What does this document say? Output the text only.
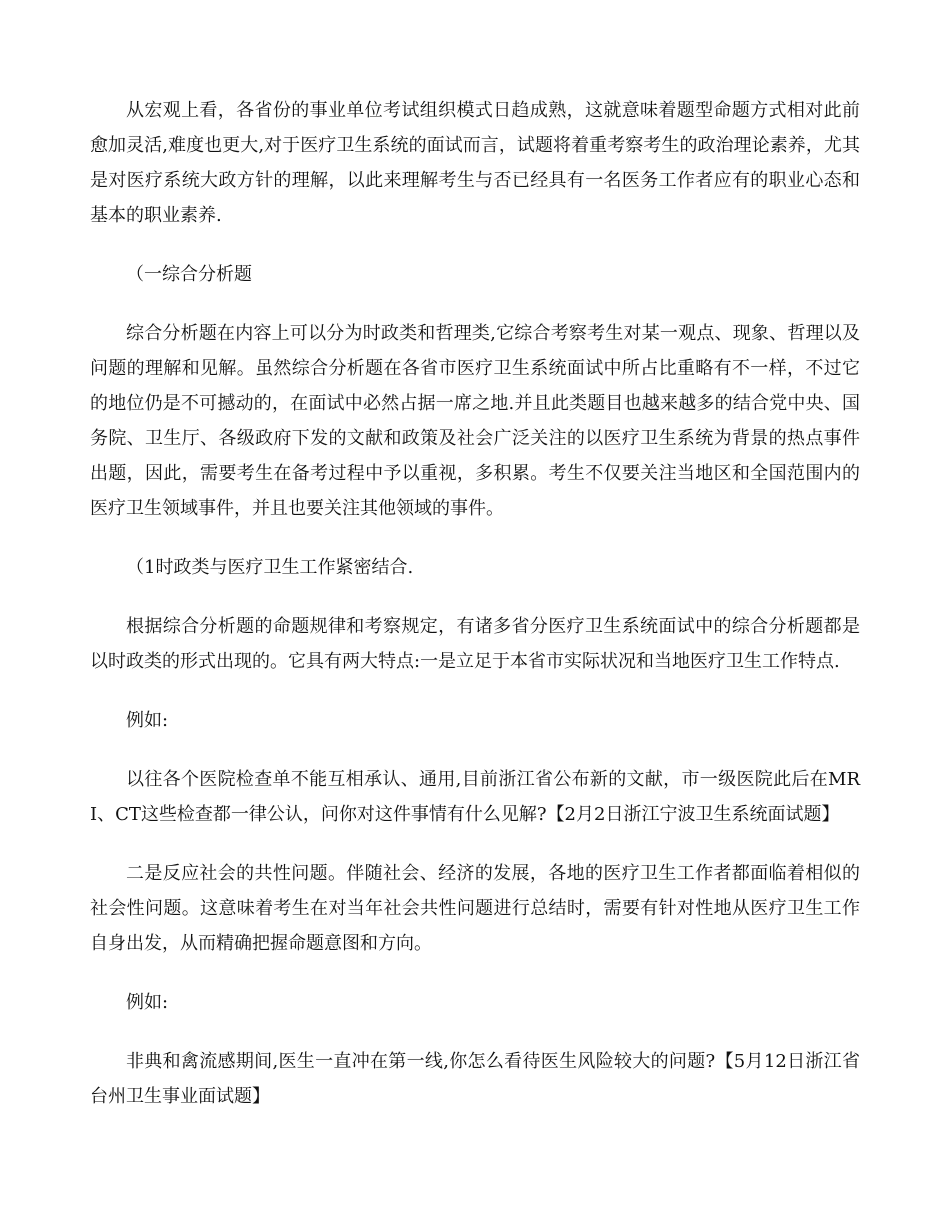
从宏观上看，各省份的事业单位考试组织模式日趋成熟，这就意味着题型命题方式相对此前愈加灵活,难度也更大,对于医疗卫生系统的面试而言，试题将着重考察考生的政治理论素养，尤其是对医疗系统大政方针的理解，以此来理解考生与否已经具有一名医务工作者应有的职业心态和基本的职业素养.

（一综合分析题

综合分析题在内容上可以分为时政类和哲理类,它综合考察考生对某一观点、现象、哲理以及问题的理解和见解。虽然综合分析题在各省市医疗卫生系统面试中所占比重略有不一样，不过它的地位仍是不可撼动的，在面试中必然占据一席之地.并且此类题目也越来越多的结合党中央、国务院、卫生厅、各级政府下发的文献和政策及社会广泛关注的以医疗卫生系统为背景的热点事件出题，因此，需要考生在备考过程中予以重视，多积累。考生不仅要关注当地区和全国范围内的医疗卫生领域事件，并且也要关注其他领域的事件。

（1时政类与医疗卫生工作紧密结合.

根据综合分析题的命题规律和考察规定，有诸多省分医疗卫生系统面试中的综合分析题都是以时政类的形式出现的。它具有两大特点:一是立足于本省市实际状况和当地医疗卫生工作特点.

例如:

以往各个医院检查单不能互相承认、通用,目前浙江省公布新的文献，市一级医院此后在MRI、CT这些检查都一律公认，问你对这件事情有什么见解?【2月2日浙江宁波卫生系统面试题】

二是反应社会的共性问题。伴随社会、经济的发展，各地的医疗卫生工作者都面临着相似的社会性问题。这意味着考生在对当年社会共性问题进行总结时，需要有针对性地从医疗卫生工作自身出发，从而精确把握命题意图和方向。

例如:

非典和禽流感期间,医生一直冲在第一线,你怎么看待医生风险较大的问题?【5月12日浙江省台州卫生事业面试题】
